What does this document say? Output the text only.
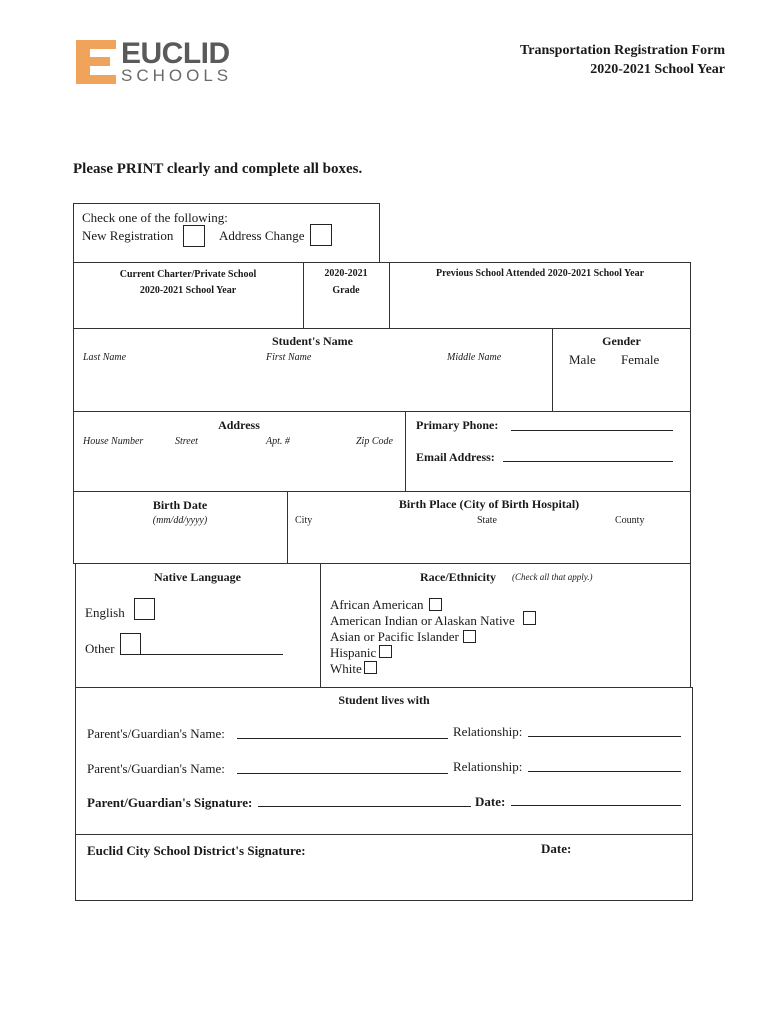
EUCLID
SCHOOLS
Transportation Registration Form
2020-2021 School Year
Please PRINT clearly and complete all boxes.
Check one of the following:
New Registration	Address Change
Current Charter/Private School
2020-2021 School Year
2020-2021
Grade
Previous School Attended 2020-2021 School Year
Student's Name
Last Name	First Name	Middle Name
Gender
Male Female
Address
House Number	Street	Apt. #	Zip Code
Primary Phone:
Email Address:
Birth Date
(mm/dd/yyyy)
Birth Place (City of Birth Hospital)
City	State	County
Native Language
English
Other
Race/Ethnicity (Check all that apply.)
African American
American Indian or Alaskan Native
Asian or Pacific Islander
Hispanic
White
Student lives with
Parent's/Guardian's Name:	Relationship:
Parent's/Guardian's Name:	Relationship:
Parent/Guardian's Signature:	Date:
Euclid City School District's Signature:	Date:
